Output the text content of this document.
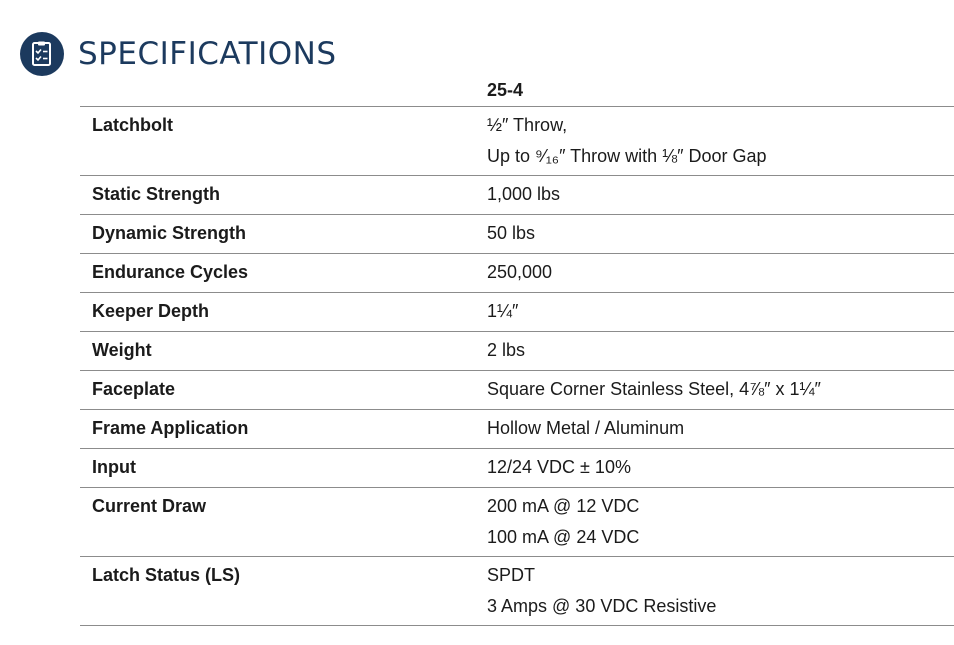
SPECIFICATIONS
25-4	
Latchbolt	½″ Throw,
Up to ⁹⁄₁₆″ Throw with ⅛″ Door Gap

Static Strength	1,000 lbs

Dynamic Strength	50 lbs

Endurance Cycles	250,000

Keeper Depth	1¼″

Weight	2 lbs

Faceplate	Square Corner Stainless Steel, 4⅞″ x 1¼″

Frame Application	Hollow Metal / Aluminum

Input	12/24 VDC ± 10%

Current Draw	200 mA @ 12 VDC
100 mA @ 24 VDC

Latch Status (LS)	SPDT
3 Amps @ 30 VDC Resistive
